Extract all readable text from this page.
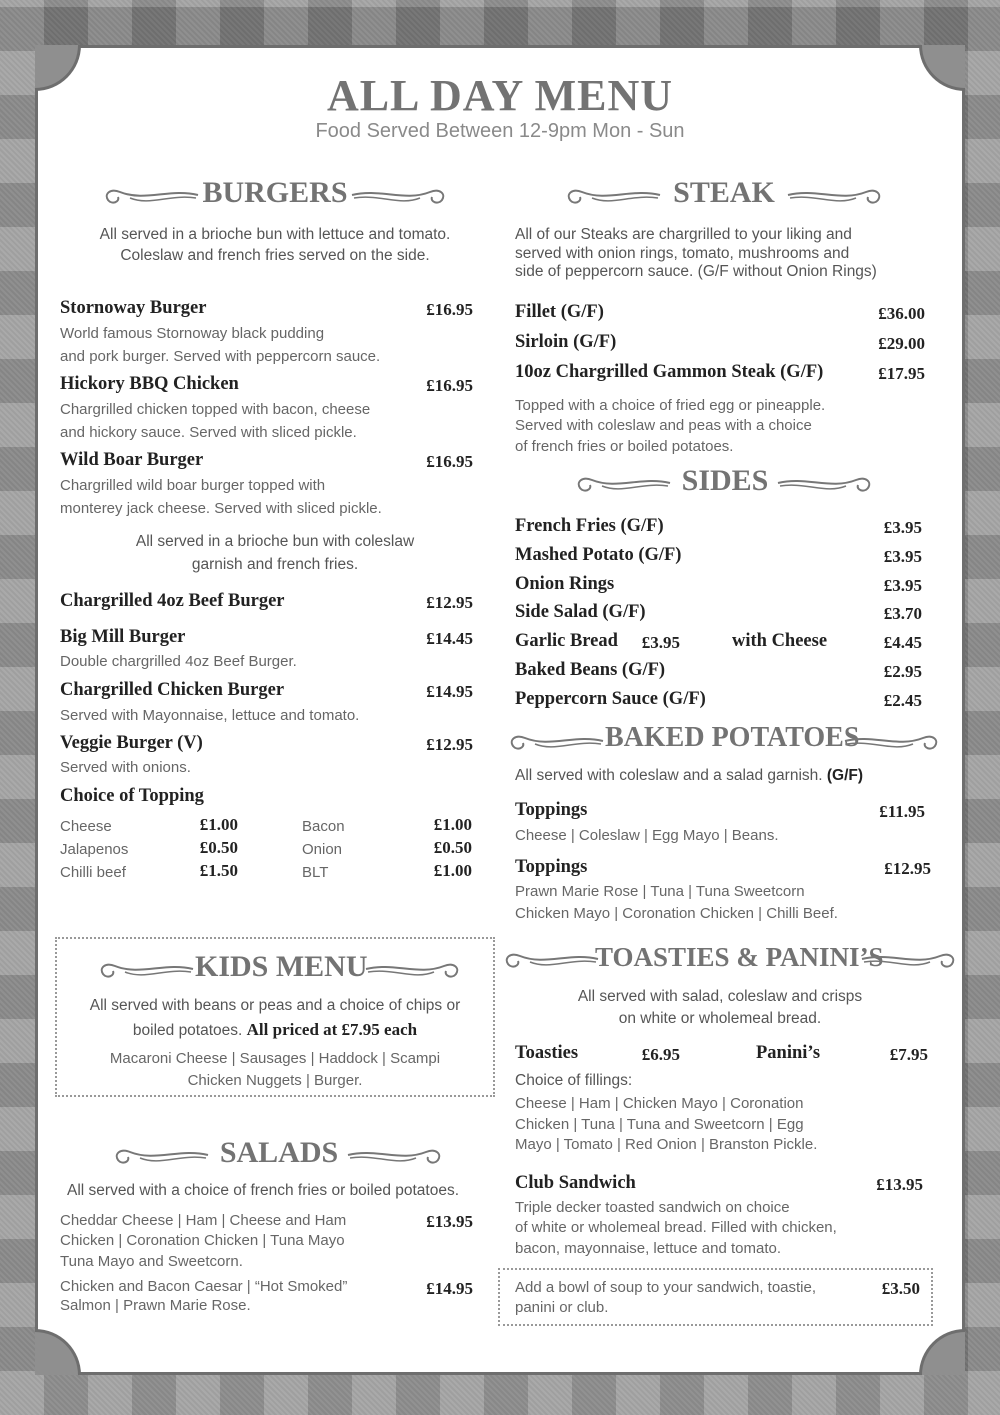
ALL DAY MENU
Food Served Between 12-9pm Mon - Sun
BURGERS
All served in a brioche bun with lettuce and tomato.
Coleslaw and french fries served on the side.
Stornoway Burger	£16.95
World famous Stornoway black pudding
and pork burger. Served with peppercorn sauce.
Hickory BBQ Chicken	£16.95
Chargrilled chicken topped with bacon, cheese
and hickory sauce. Served with sliced pickle.
Wild Boar Burger	£16.95
Chargrilled wild boar burger topped with
monterey jack cheese. Served with sliced pickle.
All served in a brioche bun with coleslaw
garnish and french fries.
Chargrilled 4oz Beef Burger	£12.95
Big Mill Burger	£14.45
Double chargrilled 4oz Beef Burger.
Chargrilled Chicken Burger	£14.95
Served with Mayonnaise, lettuce and tomato.
Veggie Burger (V)	£12.95
Served with onions.
Choice of Topping
Cheese	£1.00
Jalapenos	£0.50
Chilli beef	£1.50
Bacon	£1.00
Onion	£0.50
BLT	£1.00
STEAK
All of our Steaks are chargrilled to your liking and
served with onion rings, tomato, mushrooms and
side of peppercorn sauce. (G/F without Onion Rings)
Fillet (G/F)	£36.00
Sirloin (G/F)	£29.00
10oz Chargrilled Gammon Steak (G/F)	£17.95
Topped with a choice of fried egg or pineapple.
Served with coleslaw and peas with a choice
of french fries or boiled potatoes.
SIDES
French Fries (G/F)	£3.95
Mashed Potato (G/F)	£3.95
Onion Rings	£3.95
Side Salad (G/F)	£3.70
Garlic Bread	£3.95	with Cheese	£4.45
Baked Beans (G/F)	£2.95
Peppercorn Sauce (G/F)	£2.45
BAKED POTATOES
All served with coleslaw and a salad garnish. (G/F)
Toppings	£11.95
Cheese | Coleslaw | Egg Mayo | Beans.
Toppings	£12.95
Prawn Marie Rose | Tuna | Tuna Sweetcorn
Chicken Mayo | Coronation Chicken | Chilli Beef.
KIDS MENU
All served with beans or peas and a choice of chips or
boiled potatoes. All priced at £7.95 each
Macaroni Cheese | Sausages | Haddock | Scampi
Chicken Nuggets | Burger.
SALADS
All served with a choice of french fries or boiled potatoes.
Cheddar Cheese | Ham | Cheese and Ham
Chicken | Coronation Chicken | Tuna Mayo
Tuna Mayo and Sweetcorn.
£13.95
Chicken and Bacon Caesar | “Hot Smoked”
Salmon | Prawn Marie Rose.
£14.95
TOASTIES & PANINI’S
All served with salad, coleslaw and crisps
on white or wholemeal bread.
Toasties	£6.95	Panini’s	£7.95
Choice of fillings:
Cheese | Ham | Chicken Mayo | Coronation
Chicken | Tuna | Tuna and Sweetcorn | Egg
Mayo | Tomato | Red Onion | Branston Pickle.
Club Sandwich	£13.95
Triple decker toasted sandwich on choice
of white or wholemeal bread. Filled with chicken,
bacon, mayonnaise, lettuce and tomato.
Add a bowl of soup to your sandwich, toastie,
panini or club.
£3.50
